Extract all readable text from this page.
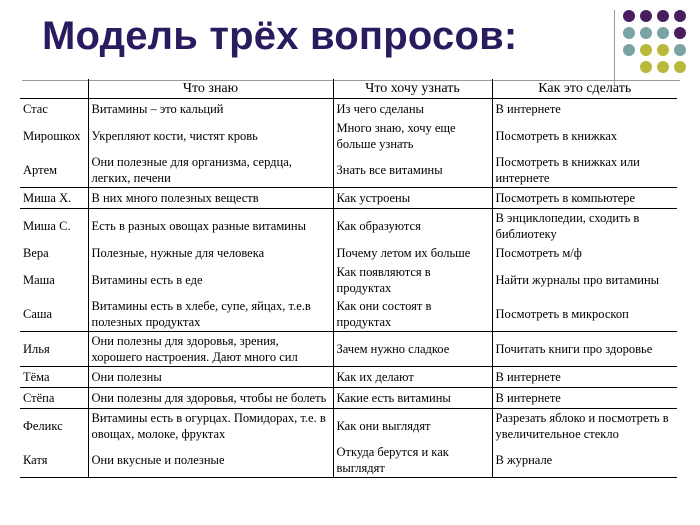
Модель трёх вопросов:
	Что знаю	Что хочу узнать	Как это сделать
Стас	Витамины – это кальций	Из чего сделаны	В интернете
Мирошкох	Укрепляют кости, чистят кровь	Много знаю, хочу еще больше узнать	Посмотреть в книжках
Артем	Они полезные для организма, сердца, легких, печени	Знать все витамины	Посмотреть в книжках или интернете
Миша Х.	В них много полезных веществ	Как устроены	Посмотреть в компьютере
Миша С.	Есть в разных овощах разные витамины	Как образуются	В энциклопедии, сходить в библиотеку
Вера	Полезные, нужные для человека	Почему летом их больше	Посмотреть м/ф
Маша	Витамины есть в еде	Как появляются в продуктах	Найти журналы про витамины
Саша	Витамины есть в хлебе, супе, яйцах, т.е.в полезных продуктах	Как они состоят в продуктах	Посмотреть в микроскоп
Илья	Они полезны для здоровья, зрения, хорошего настроения. Дают много сил	Зачем нужно сладкое	Почитать книги про здоровье
Тёма	Они полезны	Как их делают	В интернете
Стёпа	Они полезны для здоровья, чтобы не болеть	Какие есть витамины	В интернете
Феликс	Витамины есть в огурцах. Помидорах, т.е. в овощах, молоке, фруктах	Как они выглядят	Разрезать яблоко и посмотреть в увеличительное стекло
Катя	Они вкусные и полезные	Откуда берутся и как выглядят	В журнале
